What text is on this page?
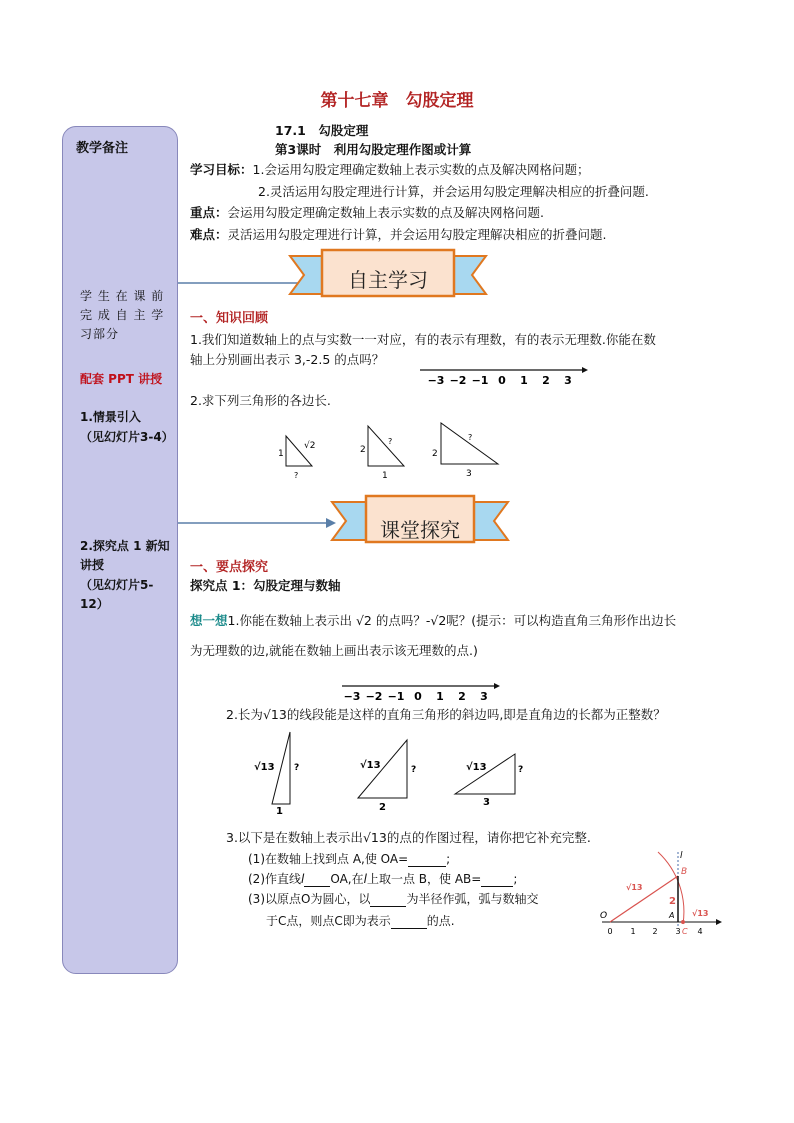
第十七章　勾股定理
教学备注
学 生 在 课 前完 成 自 主 学习部分
配套 PPT 讲授
1.情景引入
（见幻灯片3-4）
2.探究点 1 新知讲授
（见幻灯片5-12）
17.1　勾股定理
第3课时　利用勾股定理作图或计算
学习目标：1.会运用勾股定理确定数轴上表示实数的点及解决网格问题；
2.灵活运用勾股定理进行计算，并会运用勾股定理解决相应的折叠问题.
重点：会运用勾股定理确定数轴上表示实数的点及解决网格问题.
难点：灵活运用勾股定理进行计算，并会运用勾股定理解决相应的折叠问题.
自主学习
一、知识回顾
1.我们知道数轴上的点与实数一一对应，有的表示有理数，有的表示无理数.你能在数
轴上分别画出表示 3,-2.5 的点吗？
−3 −2 −1 0 1 2 3
2.求下列三角形的各边长.
1
√2
?
2
?
1
2
?
3
课堂探究
一、要点探究
探究点 1：勾股定理与数轴
想一想1.你能在数轴上表示出 √2 的点吗？-√2呢？(提示：可以构造直角三角形作出边长
为无理数的边,就能在数轴上画出表示该无理数的点.)
−3 −2 −1 0 1 2 3
2.长为√13的线段能是这样的直角三角形的斜边吗,即是直角边的长都为正整数？
√13 ?
1
√13	?
2
√13	?
3
3.以下是在数轴上表示出√13的点的作图过程，请你把它补充完整.
(1)在数轴上找到点 A,使 OA=	;
(2)作直线l OA,在l上取一点 B，使 AB=	;
(3)以原点O为圆心，以	为半径作弧，弧与数轴交
于C点，则点C即为表示	的点.
0 1 2 3 4
O	A
B
C
l
2
√13
√13
